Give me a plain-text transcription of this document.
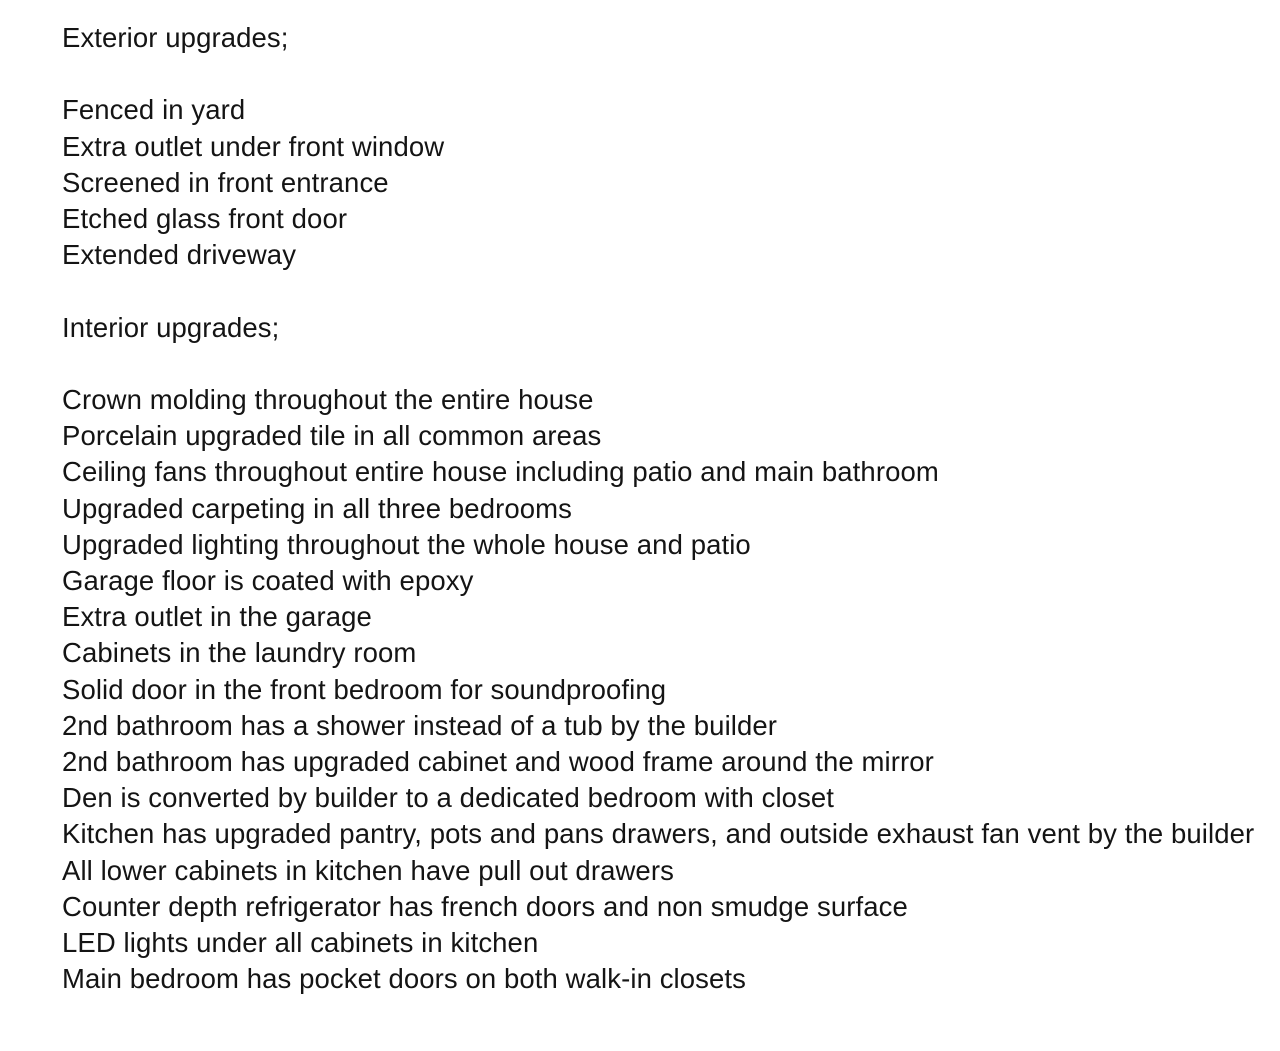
Exterior upgrades;
Fenced in yard
Extra outlet under front window
Screened in front entrance
Etched glass front door
Extended driveway
Interior upgrades;
Crown molding throughout the entire house
Porcelain upgraded tile in all common areas
Ceiling fans throughout entire house including patio and main bathroom
Upgraded carpeting in all three bedrooms
Upgraded lighting throughout the whole house and patio
Garage floor is coated with epoxy
Extra outlet in the garage
Cabinets in the laundry room
Solid door in the front bedroom for soundproofing
2nd bathroom has a shower instead of a tub by the builder
2nd bathroom has upgraded cabinet and wood frame around the mirror
Den is converted by builder to a dedicated bedroom with closet
Kitchen has upgraded pantry, pots and pans drawers, and outside exhaust fan vent by the builder
All lower cabinets in kitchen have pull out drawers
Counter depth refrigerator has french doors and non smudge surface
LED lights under all cabinets in kitchen
Main bedroom has pocket doors on both walk-in closets
